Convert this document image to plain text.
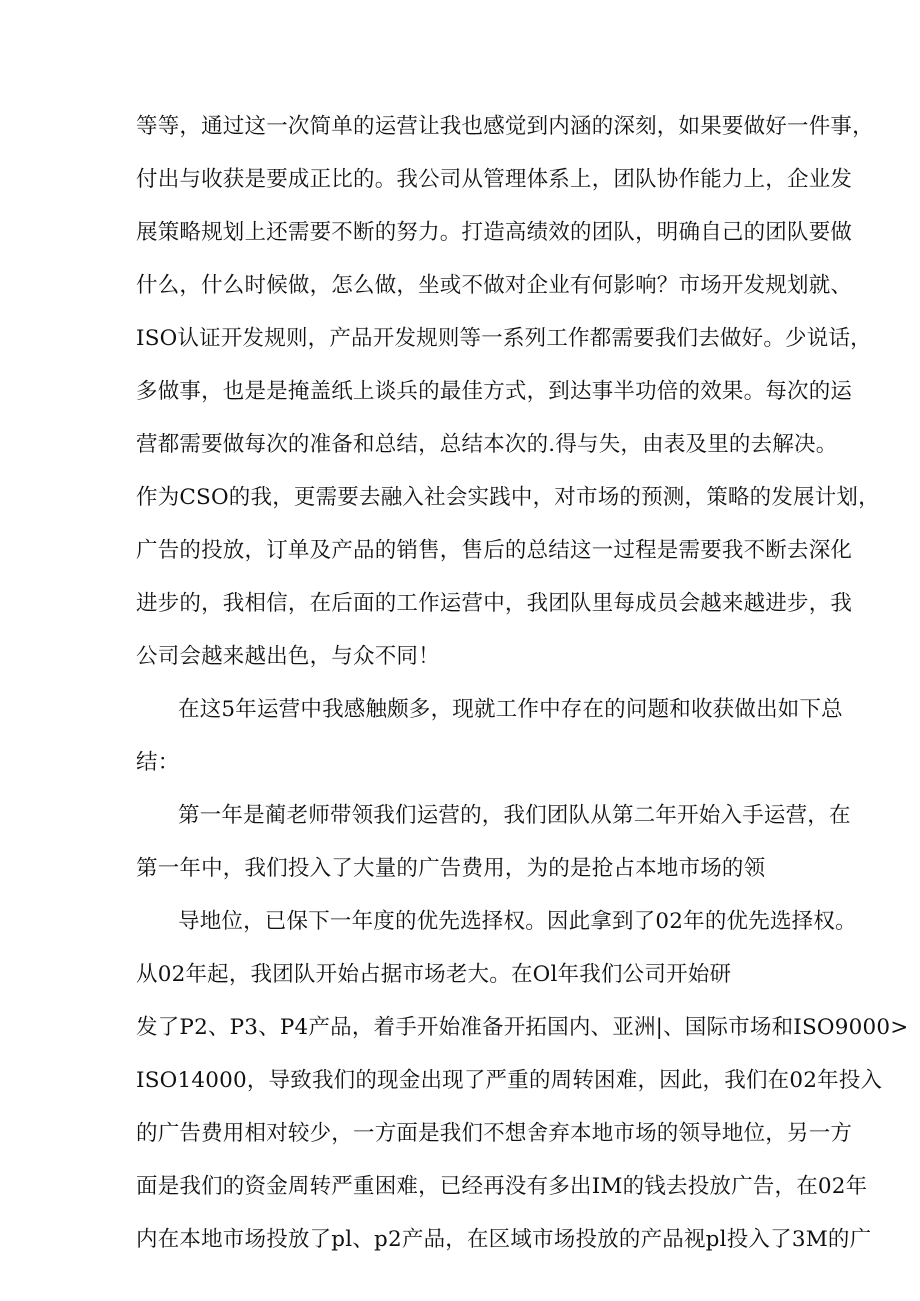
等等，通过这一次简单的运营让我也感觉到内涵的深刻，如果要做好一件事，
付出与收获是要成正比的。我公司从管理体系上，团队协作能力上，企业发
展策略规划上还需要不断的努力。打造高绩效的团队，明确自己的团队要做
什么，什么时候做，怎么做，坐或不做对企业有何影响？市场开发规划就、
ISO认证开发规则，产品开发规则等一系列工作都需要我们去做好。少说话，
多做事，也是是掩盖纸上谈兵的最佳方式，到达事半功倍的效果。每次的运
营都需要做每次的准备和总结，总结本次的.得与失，由表及里的去解决。
作为CSO的我，更需要去融入社会实践中，对市场的预测，策略的发展计划，
广告的投放，订单及产品的销售，售后的总结这一过程是需要我不断去深化
进步的，我相信，在后面的工作运营中，我团队里每成员会越来越进步，我
公司会越来越出色，与众不同！
在这5年运营中我感触颇多，现就工作中存在的问题和收获做出如下总
结：
第一年是蔺老师带领我们运营的，我们团队从第二年开始入手运营，在
第一年中，我们投入了大量的广告费用，为的是抢占本地市场的领
导地位，已保下一年度的优先选择权。因此拿到了02年的优先选择权。
从02年起，我团队开始占据市场老大。在Ol年我们公司开始研
发了P2、P3、P4产品，着手开始准备开拓国内、亚洲|、国际市场和ISO9000>
ISO14000，导致我们的现金出现了严重的周转困难，因此，我们在02年投入
的广告费用相对较少，一方面是我们不想舍弃本地市场的领导地位，另一方
面是我们的资金周转严重困难，已经再没有多出IM的钱去投放广告，在02年
内在本地市场投放了pl、p2产品，在区域市场投放的产品视pl投入了3M的广
